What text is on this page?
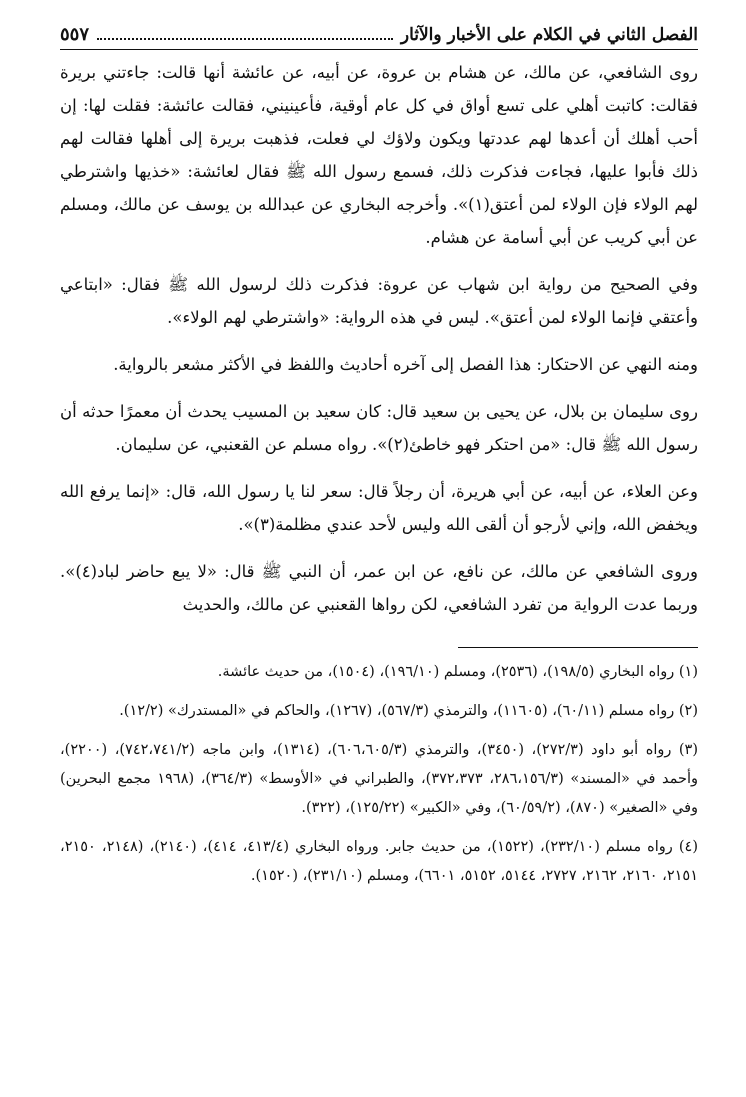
الفصل الثاني في الكلام على الأخبار والآثار
٥٥٧

روى الشافعي، عن مالك، عن هشام بن عروة، عن أبيه، عن عائشة أنها قالت: جاءتني بريرة فقالت: كاتبت أهلي على تسع أواق في كل عام أوقية، فأعينيني، فقالت عائشة: فقلت لها: إن أحب أهلك أن أعدها لهم عددتها ويكون ولاؤك لي فعلت، فذهبت بريرة إلى أهلها فقالت لهم ذلك فأبوا عليها، فجاءت فذكرت ذلك، فسمع رسول الله ﷺ فقال لعائشة: «خذيها واشترطي لهم الولاء فإن الولاء لمن أعتق(١)». وأخرجه البخاري عن عبدالله بن يوسف عن مالك، ومسلم عن أبي كريب عن أبي أسامة عن هشام.

وفي الصحيح من رواية ابن شهاب عن عروة: فذكرت ذلك لرسول الله ﷺ فقال: «ابتاعي وأعتقي فإنما الولاء لمن أعتق». ليس في هذه الرواية: «واشترطي لهم الولاء».

ومنه النهي عن الاحتكار: هذا الفصل إلى آخره أحاديث واللفظ في الأكثر مشعر بالرواية.

روى سليمان بن بلال، عن يحيى بن سعيد قال: كان سعيد بن المسيب يحدث أن معمرًا حدثه أن رسول الله ﷺ قال: «من احتكر فهو خاطئ(٢)». رواه مسلم عن القعنبي، عن سليمان.

وعن العلاء، عن أبيه، عن أبي هريرة، أن رجلاً قال: سعر لنا يا رسول الله، قال: «إنما يرفع الله ويخفض الله، وإني لأرجو أن ألقى الله وليس لأحد عندي مظلمة(٣)».

وروى الشافعي عن مالك، عن نافع، عن ابن عمر، أن النبي ﷺ قال: «لا يبع حاضر لباد(٤)». وربما عدت الرواية من تفرد الشافعي، لكن رواها القعنبي عن مالك، والحديث

(١) رواه البخاري (١٩٨/٥)، (٢٥٣٦)، ومسلم (١٩٦/١٠)، (١٥٠٤)، من حديث عائشة.

(٢) رواه مسلم (٦٠/١١)، (١١٦٠٥)، والترمذي (٥٦٧/٣)، (١٢٦٧)، والحاكم في «المستدرك» (١٢/٢).

(٣) رواه أبو داود (٢٧٢/٣)، (٣٤٥٠)، والترمذي (٦٠٦،٦٠٥/٣)، (١٣١٤)، وابن ماجه (٧٤٢،٧٤١/٢)، (٢٢٠٠)، وأحمد في «المسند» (٢٨٦،١٥٦/٣، ٣٧٢،٣٧٣)، والطبراني في «الأوسط» (٣٦٤/٣)، (١٩٦٨ مجمع البحرين) وفي «الصغير» (٨٧٠)، (٦٠/٥٩/٢)، وفي «الكبير» (١٢٥/٢٢)، (٣٢٢).

(٤) رواه مسلم (٢٣٢/١٠)، (١٥٢٢)، من حديث جابر. ورواه البخاري (٤١٣/٤، ٤١٤)، (٢١٤٠)، (٢١٤٨، ٢١٥٠، ٢١٥١، ٢١٦٠، ٢١٦٢، ٢٧٢٧، ٥١٤٤، ٥١٥٢، ٦٦٠١)، ومسلم (٢٣١/١٠)، (١٥٢٠).
